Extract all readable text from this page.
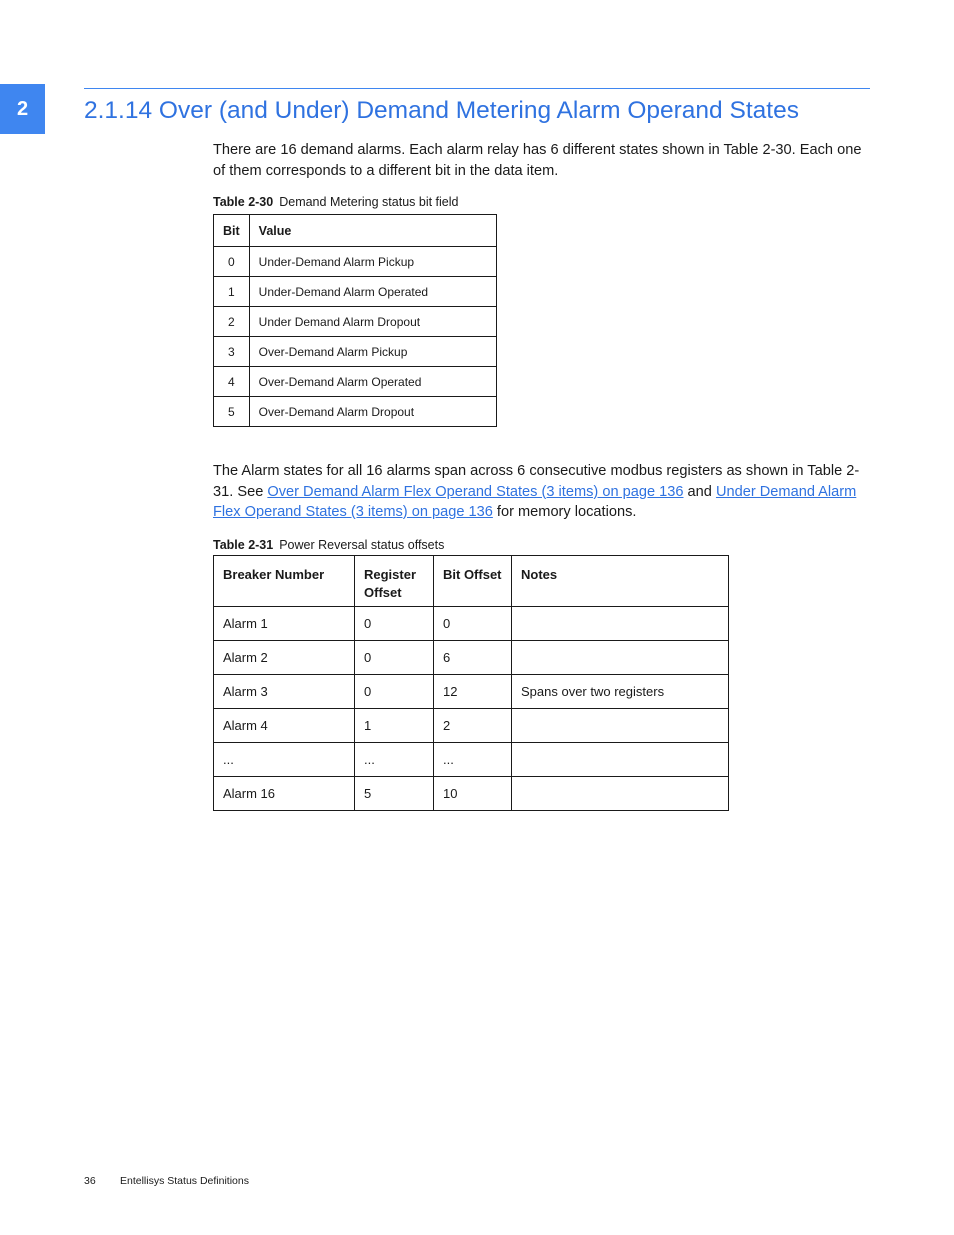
2	2.1.14 Over (and Under) Demand Metering Alarm Operand States

There are 16 demand alarms. Each alarm relay has 6 different states shown in Table 2-30. Each one of them corresponds to a different bit in the data item.

Table 2-30 Demand Metering status bit field
Bit	Value
0	Under-Demand Alarm Pickup
1	Under-Demand Alarm Operated
2	Under Demand Alarm Dropout
3	Over-Demand Alarm Pickup
4	Over-Demand Alarm Operated
5	Over-Demand Alarm Dropout

The Alarm states for all 16 alarms span across 6 consecutive modbus registers as shown in Table 2-31. See Over Demand Alarm Flex Operand States (3 items) on page 136 and Under Demand Alarm Flex Operand States (3 items) on page 136 for memory locations.

Table 2-31 Power Reversal status offsets
Breaker Number	Register Offset	Bit Offset	Notes
Alarm 1	0	0	
Alarm 2	0	6	
Alarm 3	0	12	Spans over two registers
Alarm 4	1	2	
...	...	...	
Alarm 16	5	10	
36 Entellisys Status Definitions
